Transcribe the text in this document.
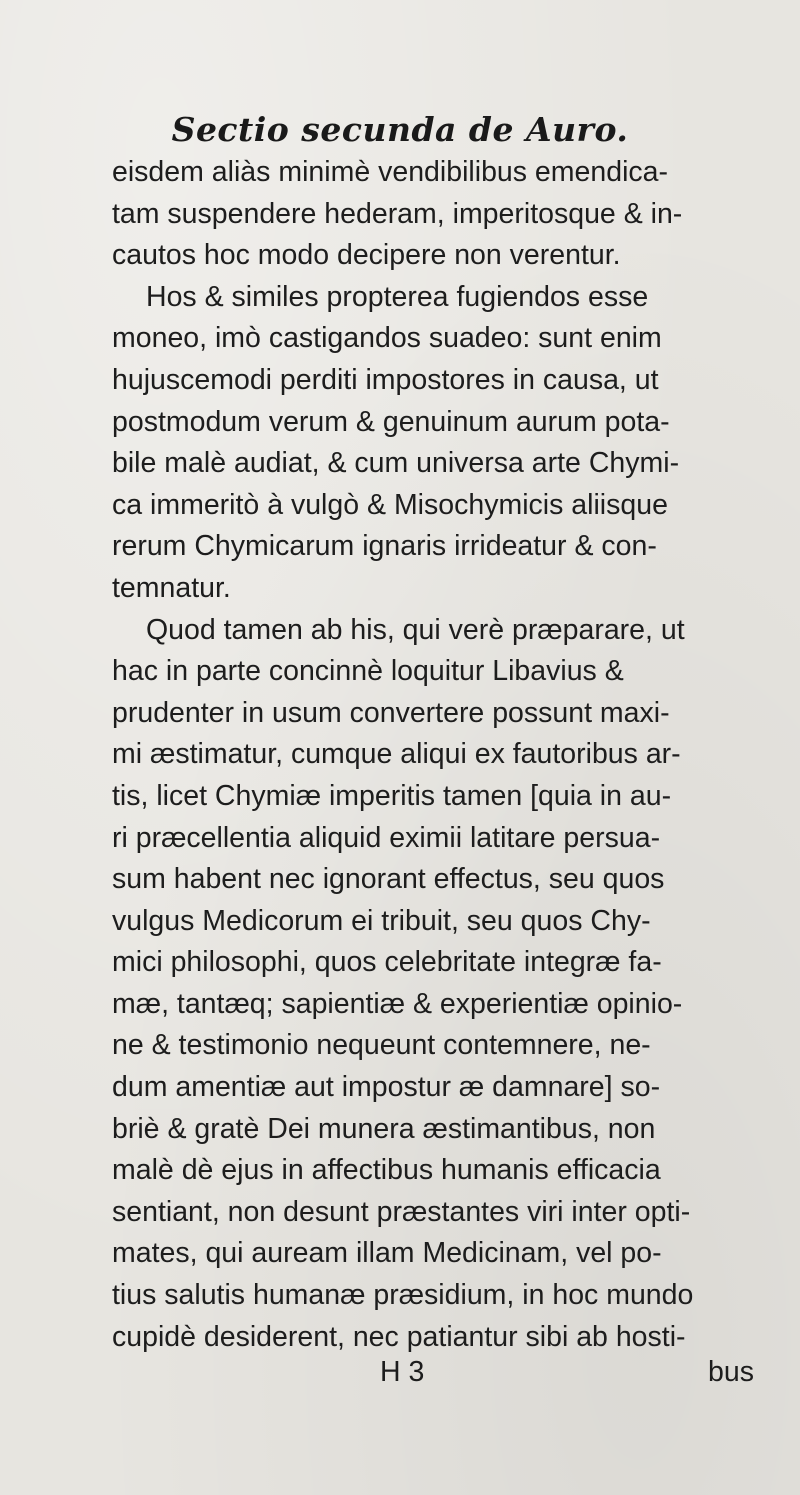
Sectio secunda de Auro.
eisdem aliàs minimè vendibilibus emendica-
tam suspendere hederam, imperitosque & in-
cautos hoc modo decipere non verentur.
Hos & similes propterea fugiendos esse
moneo, imò castigandos suadeo: sunt enim
hujuscemodi perditi impostores in causa, ut
postmodum verum & genuinum aurum pota-
bile malè audiat, & cum universa arte Chymi-
ca immeritò à vulgò & Misochymicis aliisque
rerum Chymicarum ignaris irrideatur & con-
temnatur.
Quod tamen ab his, qui verè præparare, ut
hac in parte concinnè loquitur Libavius &
prudenter in usum convertere possunt maxi-
mi æstimatur, cumque aliqui ex fautoribus ar-
tis, licet Chymiæ imperitis tamen [quia in au-
ri præcellentia aliquid eximii latitare persua-
sum habent nec ignorant effectus, seu quos
vulgus Medicorum ei tribuit, seu quos Chy-
mici philosophi, quos celebritate integræ fa-
mæ, tantæq; sapientiæ & experientiæ opinio-
ne & testimonio nequeunt contemnere, ne-
dum amentiæ aut impostur æ damnare] so-
briè & gratè Dei munera æstimantibus, non
malè dè ejus in affectibus humanis efficacia
sentiant, non desunt præstantes viri inter opti-
mates, qui auream illam Medicinam, vel po-
tius salutis humanæ præsidium, in hoc mundo
cupidè desiderent, nec patiantur sibi ab hosti-
H 3	bus
